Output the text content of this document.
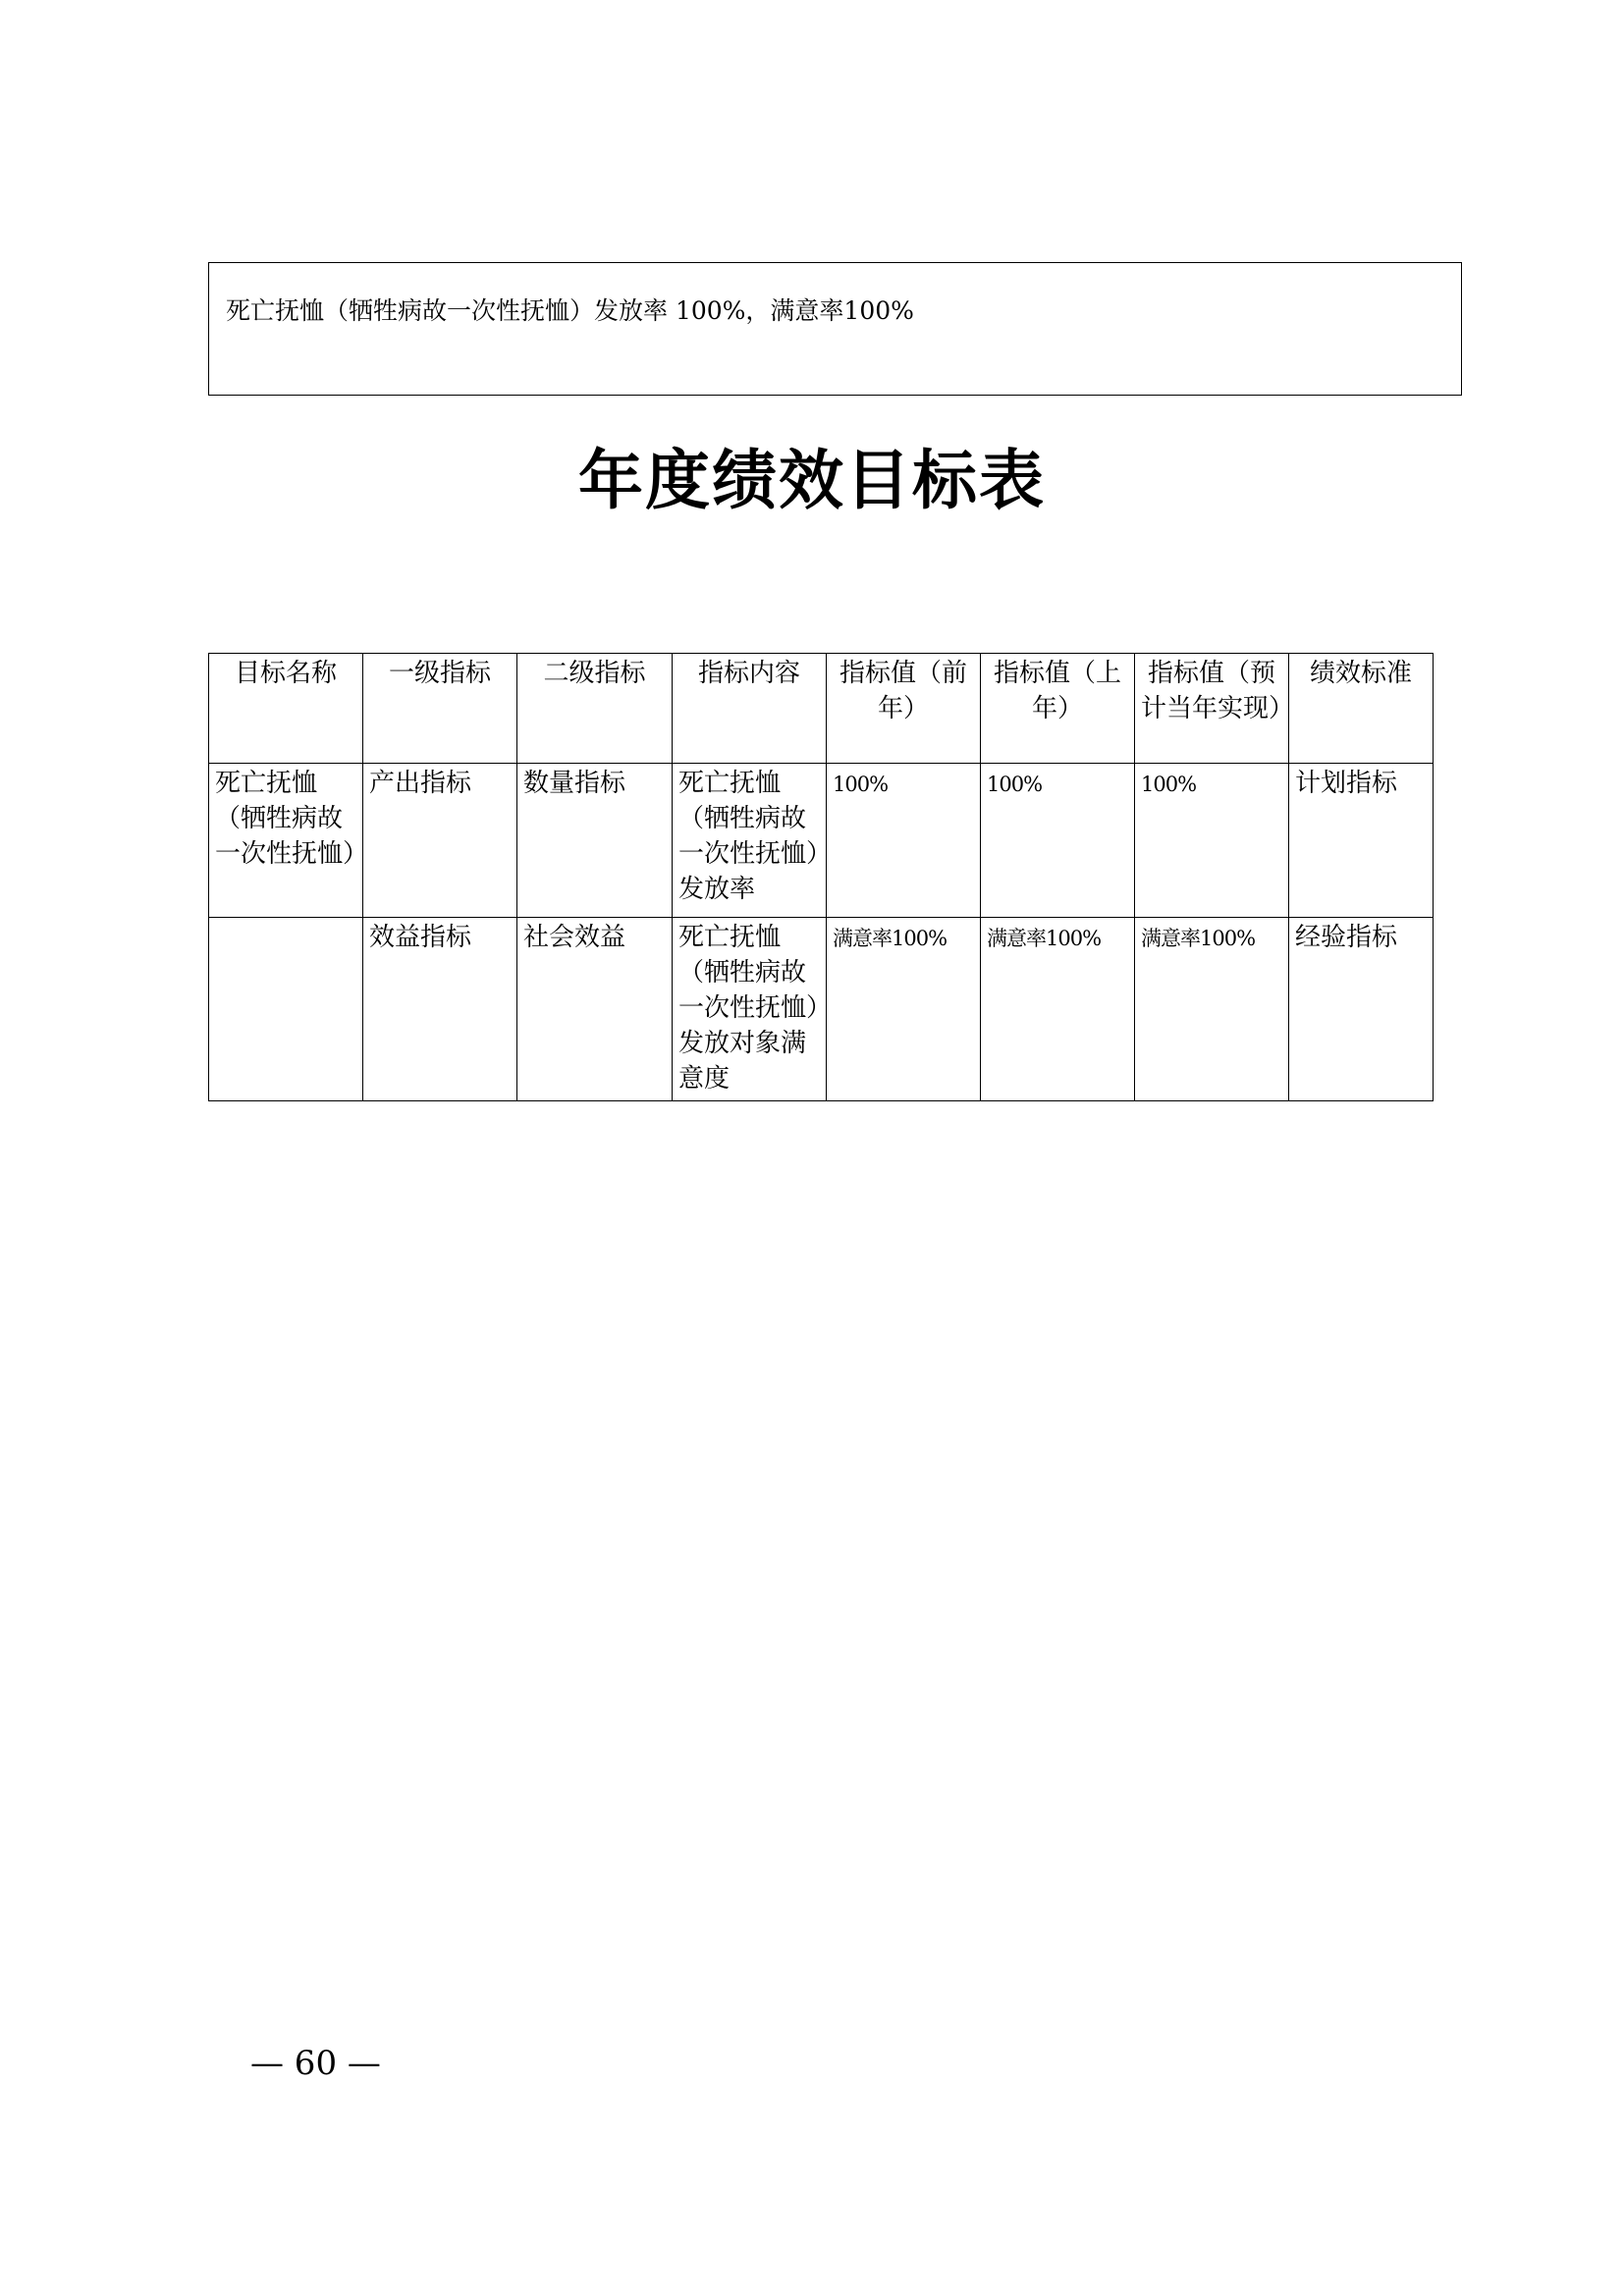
死亡抚恤（牺牲病故一次性抚恤）发放率 100%，满意率100%
年度绩效目标表
目标名称	一级指标	二级指标	指标内容	指标值（前年）	指标值（上年）	指标值（预计当年实现）	绩效标准
死亡抚恤（牺牲病故一次性抚恤）	产出指标	数量指标	死亡抚恤（牺牲病故一次性抚恤）发放率	100%	100%	100%	计划指标
	效益指标	社会效益	死亡抚恤（牺牲病故一次性抚恤）发放对象满意度	满意率100%	满意率100%	满意率100%	经验指标
— 60 —
